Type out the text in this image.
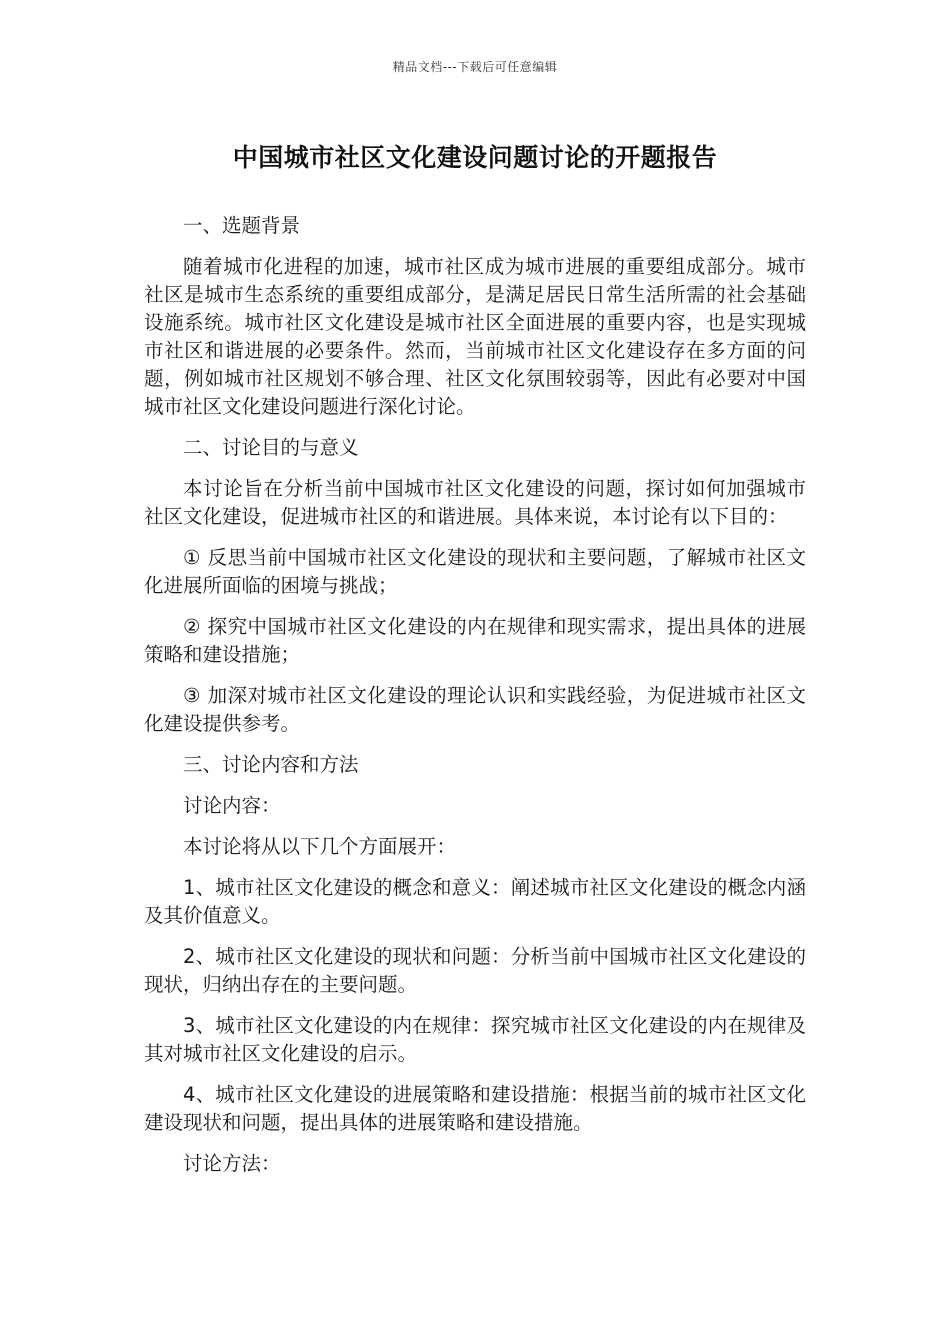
精品文档---下载后可任意编辑
中国城市社区文化建设问题讨论的开题报告
一、选题背景
随着城市化进程的加速，城市社区成为城市进展的重要组成部分。城市社区是城市生态系统的重要组成部分，是满足居民日常生活所需的社会基础设施系统。城市社区文化建设是城市社区全面进展的重要内容，也是实现城市社区和谐进展的必要条件。然而，当前城市社区文化建设存在多方面的问题，例如城市社区规划不够合理、社区文化氛围较弱等，因此有必要对中国城市社区文化建设问题进行深化讨论。
二、讨论目的与意义
本讨论旨在分析当前中国城市社区文化建设的问题，探讨如何加强城市社区文化建设，促进城市社区的和谐进展。具体来说，本讨论有以下目的：
① 反思当前中国城市社区文化建设的现状和主要问题，了解城市社区文化进展所面临的困境与挑战；
② 探究中国城市社区文化建设的内在规律和现实需求，提出具体的进展策略和建设措施；
③ 加深对城市社区文化建设的理论认识和实践经验，为促进城市社区文化建设提供参考。
三、讨论内容和方法
讨论内容：
本讨论将从以下几个方面展开：
1、城市社区文化建设的概念和意义：阐述城市社区文化建设的概念内涵及其价值意义。
2、城市社区文化建设的现状和问题：分析当前中国城市社区文化建设的现状，归纳出存在的主要问题。
3、城市社区文化建设的内在规律：探究城市社区文化建设的内在规律及其对城市社区文化建设的启示。
4、城市社区文化建设的进展策略和建设措施：根据当前的城市社区文化建设现状和问题，提出具体的进展策略和建设措施。
讨论方法：
